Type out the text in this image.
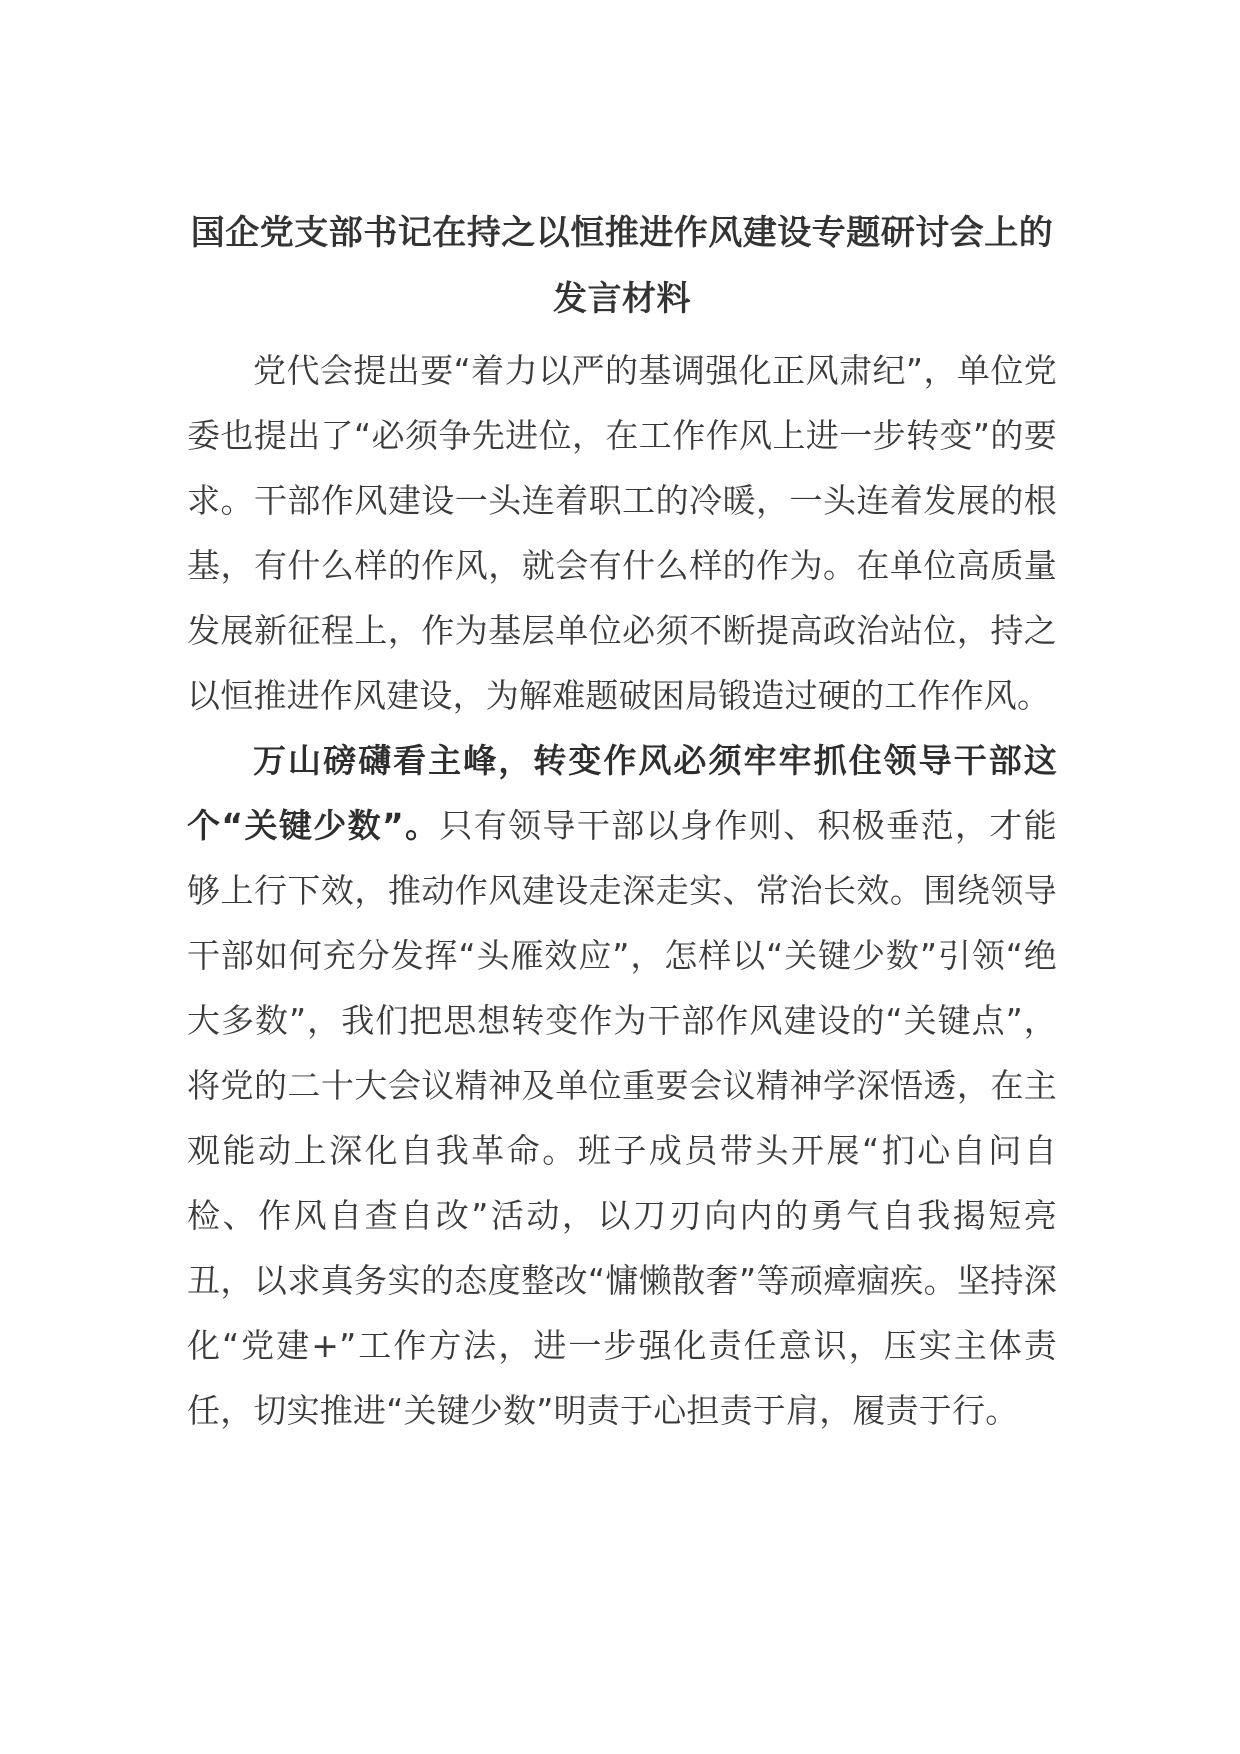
国企党支部书记在持之以恒推进作风建设专题研讨会上的
发言材料

党代会提出要“着力以严的基调强化正风肃纪”，单位党委也提出了“必须争先进位，在工作作风上进一步转变”的要求。干部作风建设一头连着职工的冷暖，一头连着发展的根基，有什么样的作风，就会有什么样的作为。在单位高质量发展新征程上，作为基层单位必须不断提高政治站位，持之以恒推进作风建设，为解难题破困局锻造过硬的工作作风。

万山磅礴看主峰，转变作风必须牢牢抓住领导干部这个“关键少数”。只有领导干部以身作则、积极垂范，才能够上行下效，推动作风建设走深走实、常治长效。围绕领导干部如何充分发挥“头雁效应”，怎样以“关键少数”引领“绝大多数”，我们把思想转变作为干部作风建设的“关键点”，将党的二十大会议精神及单位重要会议精神学深悟透，在主观能动上深化自我革命。班子成员带头开展“扪心自问自检、作风自查自改”活动，以刀刃向内的勇气自我揭短亮丑，以求真务实的态度整改“慵懒散奢”等顽瘴痼疾。坚持深化“党建+”工作方法，进一步强化责任意识，压实主体责任，切实推进“关键少数”明责于心担责于肩，履责于行。
